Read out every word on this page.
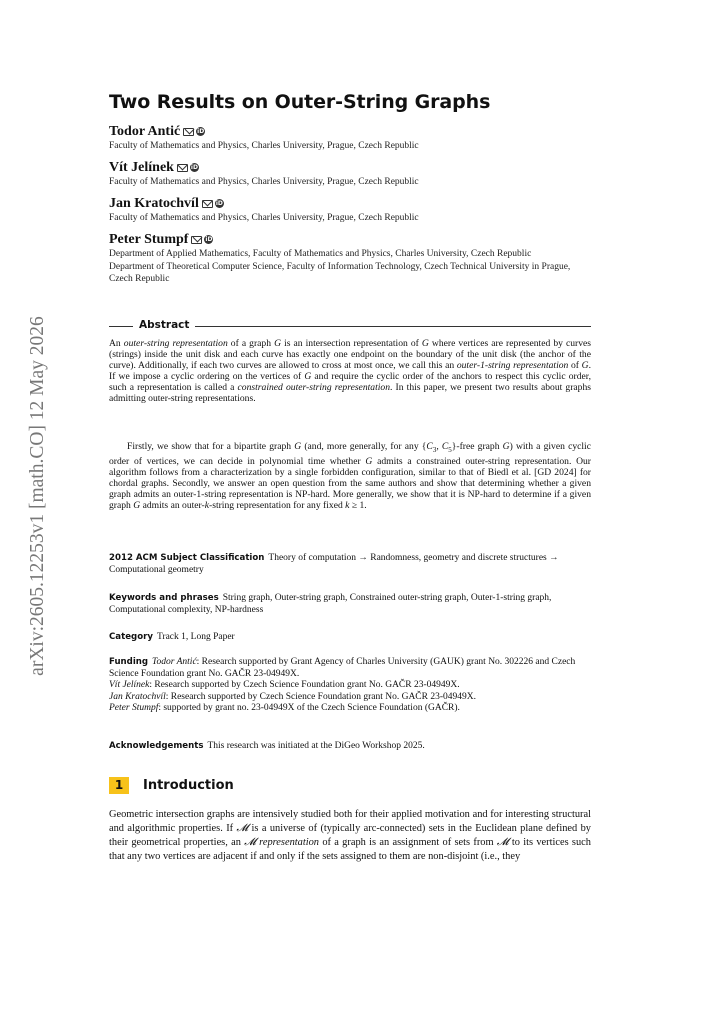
arXiv:2605.12253v1 [math.CO] 12 May 2026
Two Results on Outer-String Graphs
Todor Antić	iD
Faculty of Mathematics and Physics, Charles University, Prague, Czech Republic
Vít Jelínek	iD
Faculty of Mathematics and Physics, Charles University, Prague, Czech Republic
Jan Kratochvíl	iD
Faculty of Mathematics and Physics, Charles University, Prague, Czech Republic
Peter Stumpf	iD
Department of Applied Mathematics, Faculty of Mathematics and Physics, Charles University, Czech Republic
Department of Theoretical Computer Science, Faculty of Information Technology, Czech Technical University in Prague, Czech Republic
Abstract

An outer-string representation of a graph G is an intersection representation of G where vertices are represented by curves (strings) inside the unit disk and each curve has exactly one endpoint on the boundary of the unit disk (the anchor of the curve). Additionally, if each two curves are allowed to cross at most once, we call this an outer-1-string representation of G. If we impose a cyclic ordering on the vertices of G and require the cyclic order of the anchors to respect this cyclic order, such a representation is called a constrained outer-string representation. In this paper, we present two results about graphs admitting outer-string representations.

Firstly, we show that for a bipartite graph G (and, more generally, for any {$C_3$, $C_5$}-free graph G) with a given cyclic order of vertices, we can decide in polynomial time whether G admits a constrained outer-string representation. Our algorithm follows from a characterization by a single forbidden configuration, similar to that of Biedl et al. [GD 2024] for chordal graphs. Secondly, we answer an open question from the same authors and show that determining whether a given graph admits an outer-1-string representation is NP-hard. More generally, we show that it is NP-hard to determine if a given graph G admits an outer-k-string representation for any fixed k ≥ 1.

2012 ACM Subject Classification Theory of computation → Randomness, geometry and discrete structures → Computational geometry

Keywords and phrases String graph, Outer-string graph, Constrained outer-string graph, Outer-1-string graph, Computational complexity, NP-hardness

Category Track 1, Long Paper

Funding Todor Antić: Research supported by Grant Agency of Charles University (GAUK) grant No. 302226 and Czech Science Foundation grant No. GAČR 23-04949X.
Vít Jelínek: Research supported by Czech Science Foundation grant No. GAČR 23-04949X.
Jan Kratochvíl: Research supported by Czech Science Foundation grant No. GAČR 23-04949X.
Peter Stumpf: supported by grant no. 23-04949X of the Czech Science Foundation (GAČR).

Acknowledgements This research was initiated at the DiGeo Workshop 2025.

1 Introduction

Geometric intersection graphs are intensively studied both for their applied motivation and for interesting structural and algorithmic properties. If 𝓜 is a universe of (typically arc-connected) sets in the Euclidean plane defined by their geometrical properties, an 𝓜 representation of a graph is an assignment of sets from 𝓜 to its vertices such that any two vertices are adjacent if and only if the sets assigned to them are non-disjoint (i.e., they
